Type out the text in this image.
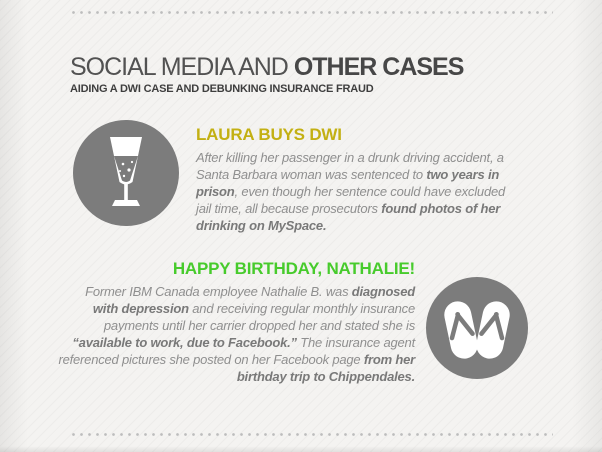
SOCIAL MEDIA AND OTHER CASES
AIDING A DWI CASE AND DEBUNKING INSURANCE FRAUD
LAURA BUYS DWI

After killing her passenger in a drunk driving accident, a Santa Barbara woman was sentenced to two years in prison, even though her sentence could have excluded jail time, all because prosecutors found photos of her drinking on MySpace.

HAPPY BIRTHDAY, NATHALIE!

Former IBM Canada employee Nathalie B. was diagnosed with depression and receiving regular monthly insurance payments until her carrier dropped her and stated she is “available to work, due to Facebook.” The insurance agent referenced pictures she posted on her Facebook page from her birthday trip to Chippendales.
